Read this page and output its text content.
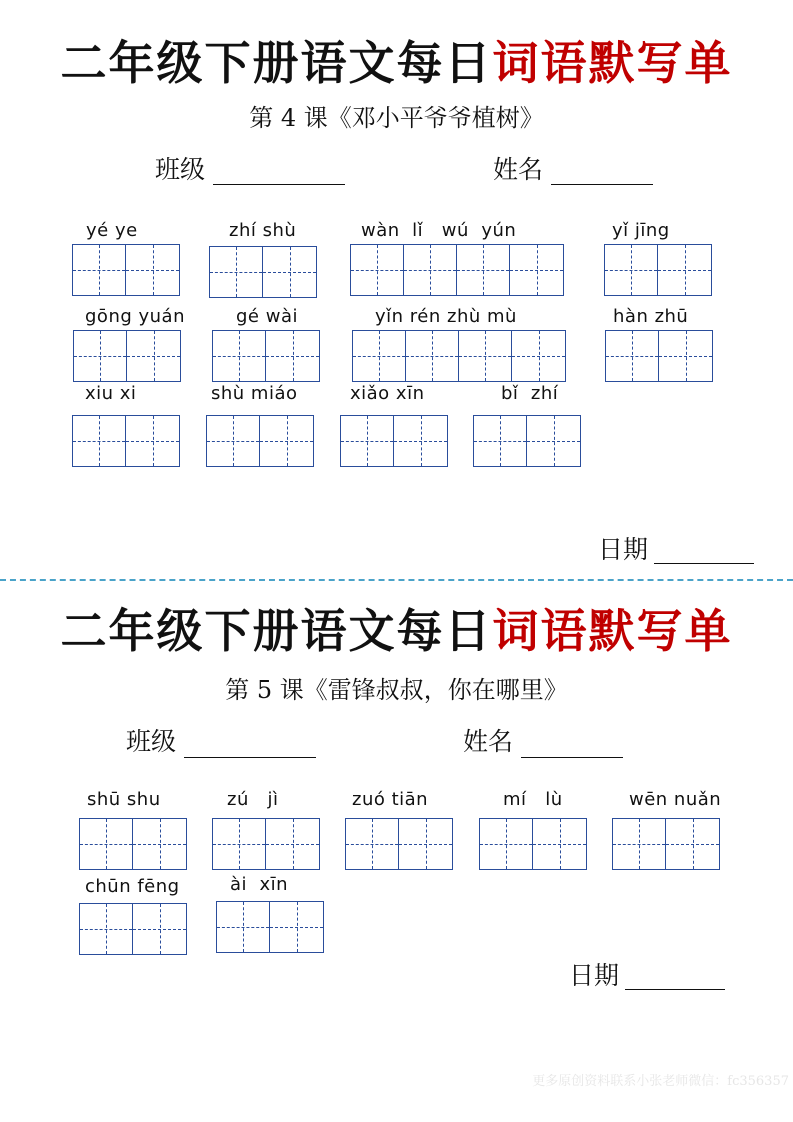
二年级下册语文每日词语默写单
第 4 课《邓小平爷爷植树》
班级	姓名
yé ye	zhí shù	wàn  lǐ   wú  yún	yǐ jīng
gōng yuán	gé wài	yǐn rén zhù mù	hàn zhū
xiu xi	shù miáo	xiǎo xīn	bǐ  zhí
日期
二年级下册语文每日词语默写单
第 5 课《雷锋叔叔，你在哪里》
班级	姓名
shū shu	zú   jì	zuó tiān	mí   lù	wēn nuǎn
chūn fēng	ài  xīn
日期
更多原创资料联系小张老师微信：fc356357
